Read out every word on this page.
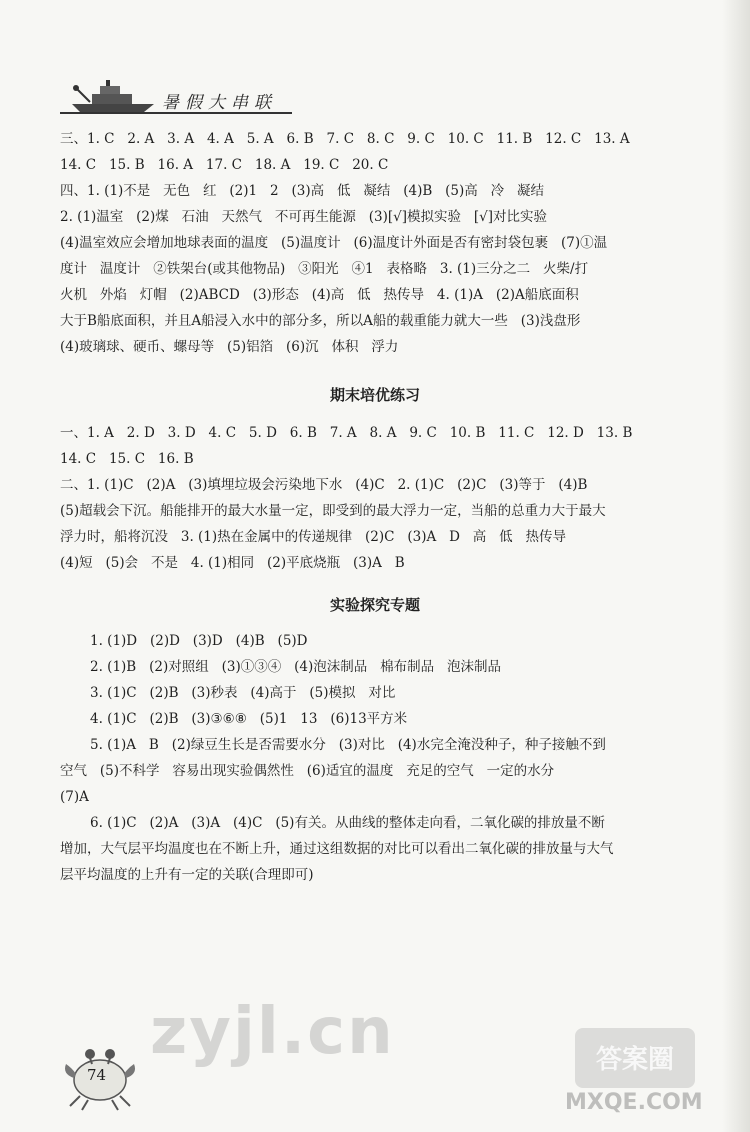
暑假大串联
三、1. C   2. A   3. A   4. A   5. A   6. B   7. C   8. C   9. C   10. C   11. B   12. C   13. A
14. C   15. B   16. A   17. C   18. A   19. C   20. C
四、1. (1)不是   无色   红   (2)1   2   (3)高   低   凝结   (4)B   (5)高   冷   凝结
2. (1)温室   (2)煤   石油   天然气   不可再生能源   (3)[√]模拟实验   [√]对比实验
(4)温室效应会增加地球表面的温度   (5)温度计   (6)温度计外面是否有密封袋包裹   (7)①温
度计   温度计   ②铁架台(或其他物品)   ③阳光   ④1   表格略   3. (1)三分之二   火柴/打
火机   外焰   灯帽   (2)ABCD   (3)形态   (4)高   低   热传导   4. (1)A   (2)A船底面积
大于B船底面积，并且A船浸入水中的部分多，所以A船的载重能力就大一些   (3)浅盘形
(4)玻璃球、硬币、螺母等   (5)铝箔   (6)沉   体积   浮力
期末培优练习
一、1. A   2. D   3. D   4. C   5. D   6. B   7. A   8. A   9. C   10. B   11. C   12. D   13. B
14. C   15. C   16. B
二、1. (1)C   (2)A   (3)填埋垃圾会污染地下水   (4)C   2. (1)C   (2)C   (3)等于   (4)B
(5)超载会下沉。船能排开的最大水量一定，即受到的最大浮力一定，当船的总重力大于最大
浮力时，船将沉没   3. (1)热在金属中的传递规律   (2)C   (3)A   D   高   低   热传导
(4)短   (5)会   不是   4. (1)相同   (2)平底烧瓶   (3)A   B
实验探究专题
1. (1)D   (2)D   (3)D   (4)B   (5)D
2. (1)B   (2)对照组   (3)①③④   (4)泡沫制品   棉布制品   泡沫制品
3. (1)C   (2)B   (3)秒表   (4)高于   (5)模拟   对比
4. (1)C   (2)B   (3)③⑥⑧   (5)1   13   (6)13平方米
5. (1)A   B   (2)绿豆生长是否需要水分   (3)对比   (4)水完全淹没种子，种子接触不到
空气   (5)不科学   容易出现实验偶然性   (6)适宜的温度   充足的空气   一定的水分
(7)A
6. (1)C   (2)A   (3)A   (4)C   (5)有关。从曲线的整体走向看，二氧化碳的排放量不断
增加，大气层平均温度也在不断上升，通过这组数据的对比可以看出二氧化碳的排放量与大气
层平均温度的上升有一定的关联(合理即可)
zyjl.cn	答案圈
MXQE.COM
74
